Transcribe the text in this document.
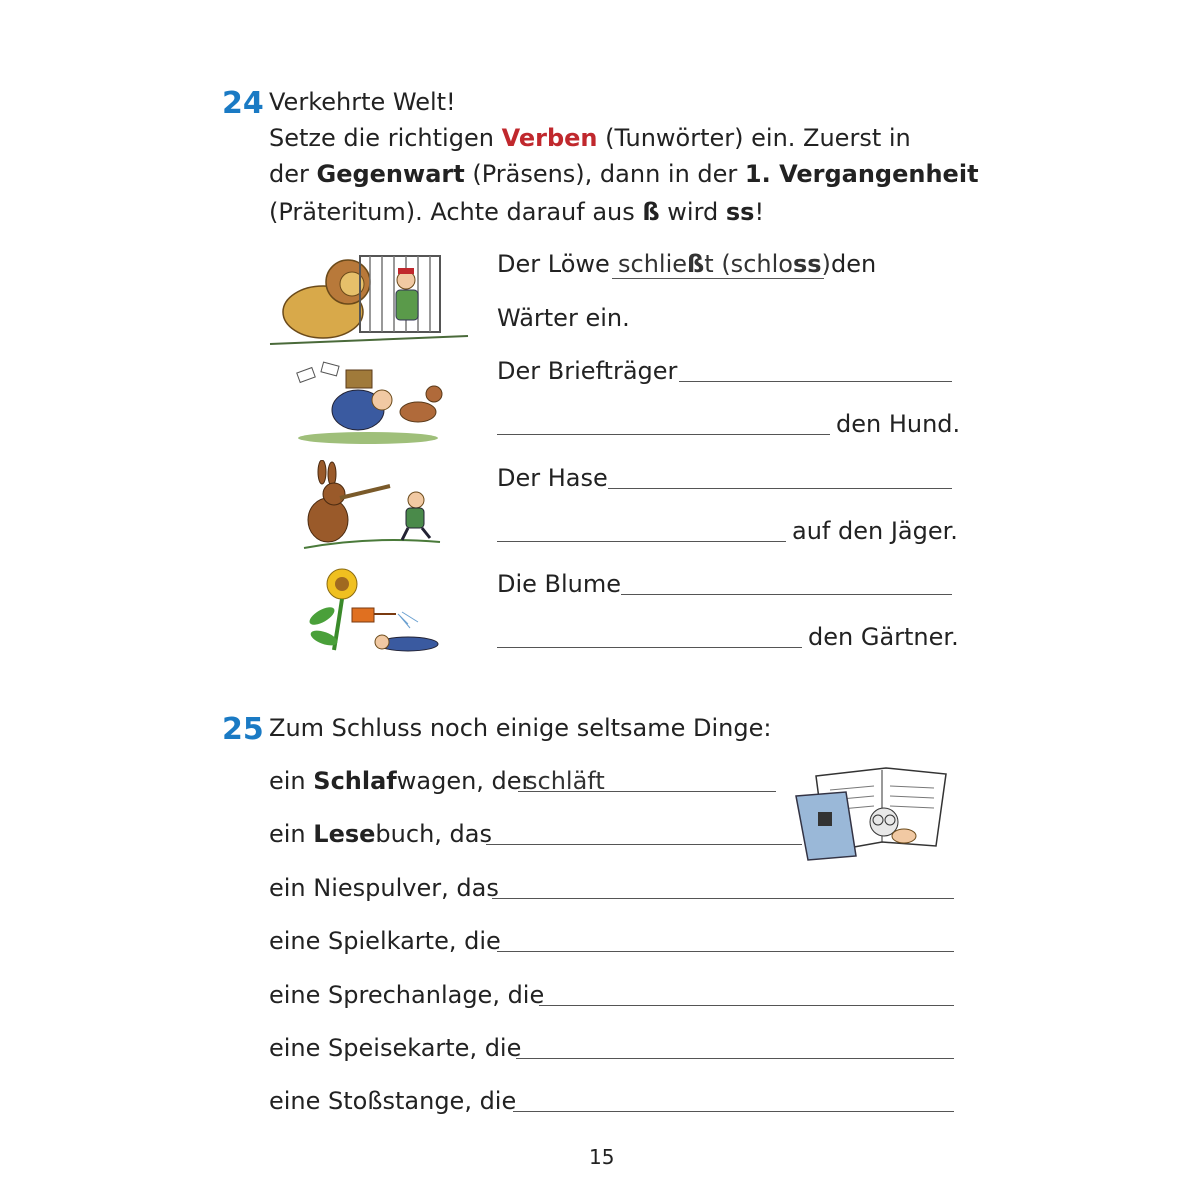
24 Verkehrte Welt!
Setze die richtigen Verben (Tunwörter) ein. Zuerst in
der Gegenwart (Präsens), dann in der 1. Vergangenheit
(Präteritum). Achte darauf aus ß wird ss!
Der Löwe schließt (schloss) den
Wärter ein.
Der Briefträger
den Hund.
Der Hase
auf den Jäger.
Die Blume
den Gärtner.
25 Zum Schluss noch einige seltsame Dinge:
ein Schlafwagen, der
schläft
ein Lesebuch, das
ein Niespulver, das
eine Spielkarte, die
eine Sprechanlage, die
eine Speisekarte, die
eine Stoßstange, die
15
